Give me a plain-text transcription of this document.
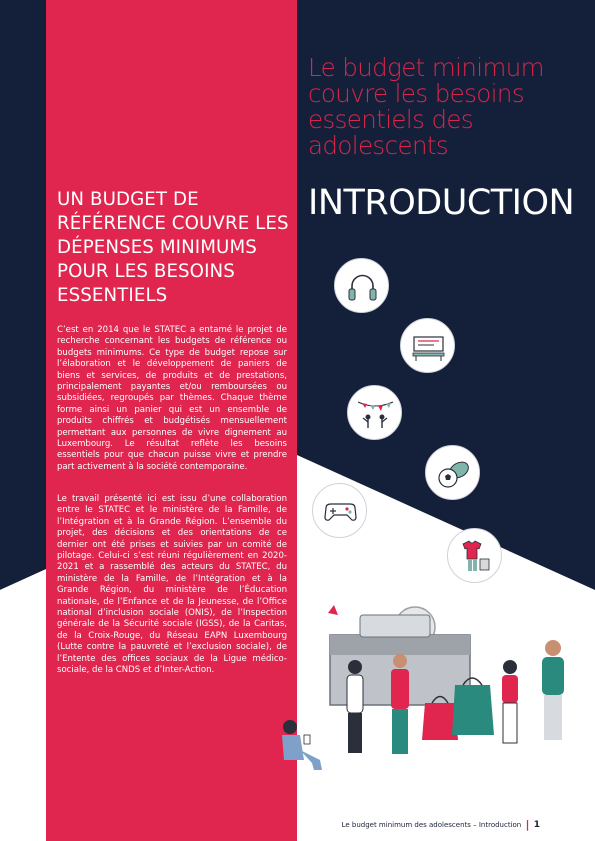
Le budget minimum couvre les besoins essentiels des adolescents
INTRODUCTION
UN BUDGET DE RÉFÉRENCE COUVRE LES DÉPENSES MINIMUMS POUR LES BESOINS ESSENTIELS

C’est en 2014 que le STATEC a entamé le projet de recherche concernant les budgets de référence ou budgets minimums. Ce type de budget repose sur l’élaboration et le développement de paniers de biens et services, de produits et de prestations, principalement payantes et/ou remboursées ou subsidiées, regroupés par thèmes. Chaque thème forme ainsi un panier qui est un ensemble de produits chiffrés et budgétisés mensuellement permettant aux personnes de vivre dignement au Luxembourg. Le résultat reflète les besoins essentiels pour que chacun puisse vivre et prendre part activement à la société contemporaine.

Le travail présenté ici est issu d’une collaboration entre le STATEC et le ministère de la Famille, de l’Intégration et à la Grande Région. L’ensemble du projet, des décisions et des orientations de ce dernier ont été prises et suivies par un comité de pilotage. Celui-ci s’est réuni régulièrement en 2020-2021 et a rassemblé des acteurs du STATEC, du ministère de la Famille, de l’Intégration et à la Grande Région, du ministère de l’Éducation nationale, de l’Enfance et de la Jeunesse, de l’Office national d’inclusion sociale (ONIS), de l’Inspection générale de la Sécurité sociale (IGSS), de la Caritas, de la Croix-Rouge, du Réseau EAPN Luxembourg (Lutte contre la pauvreté et l’exclusion sociale), de l’Entente des offices sociaux de la Ligue médico-sociale, de la CNDS et d’Inter-Action.

Le budget minimum des adolescents – Introduction | 1
